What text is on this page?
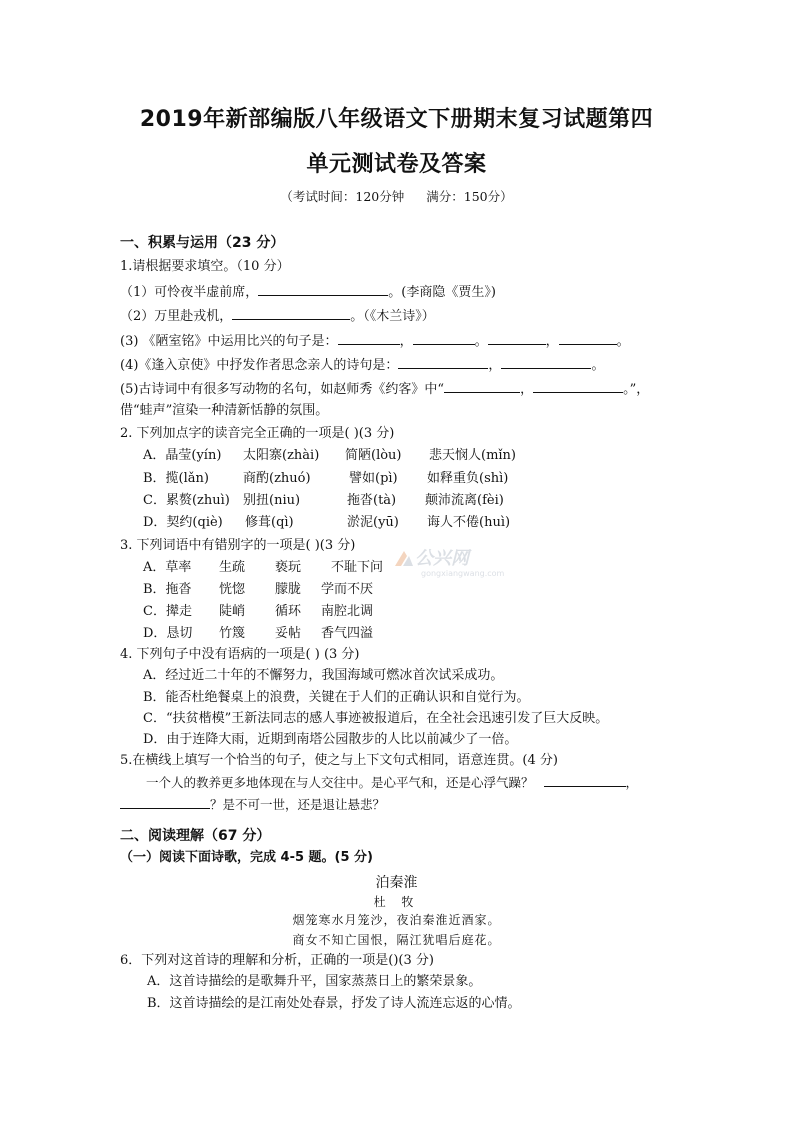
2019年新部编版八年级语文下册期末复习试题第四
单元测试卷及答案
（考试时间：120分钟 满分：150分）
一、积累与运用（23 分）
1.请根据要求填空。（10 分）
（1）可怜夜半虚前席，	。(李商隐《贾生》)
（2）万里赴戎机，	。（《木兰诗》）
(3) 《陋室铭》中运用比兴的句子是：	，	。	，	。
(4)《逢入京使》中抒发作者思念亲人的诗句是：	，	。
(5)古诗词中有很多写动物的名句，如赵师秀《约客》中“	，	。”，
借“蛙声”渲染一种清新恬静的氛围。
2. 下列加点字的读音完全正确的一项是( )(3 分)
A．晶莹(yín) 太阳寨(zhài) 简陋(lòu) 悲天悯人(mǐn)
B．揽(lǎn)	商酌(zhuó)	譬如(pì) 如释重负(shì)
C．累赘(zhuì) 别扭(niu)	拖沓(tà) 颠沛流离(fèi)
D．契约(qiè) 修葺(qì)	淤泥(yū) 诲人不倦(huì)
3. 下列词语中有错别字的一项是( )(3 分)
A．草率 生疏 亵玩 不耻下问
B．拖沓 恍惚 朦胧 学而不厌
C．撵走 陡峭 循环 南腔北调
D．恳切 竹篾 妥帖 香气四溢
4. 下列句子中没有语病的一项是( ) (3 分)
A．经过近二十年的不懈努力，我国海域可燃冰首次试采成功。
B．能否杜绝餐桌上的浪费，关键在于人们的正确认识和自觉行为。
C．“扶贫楷模”王新法同志的感人事迹被报道后，在全社会迅速引发了巨大反映。
D．由于连降大雨，近期到南塔公园散步的人比以前减少了一倍。
5.在横线上填写一个恰当的句子，使之与上下文句式相同，语意连贯。(4 分)
一个人的教养更多地体现在与人交往中。是心平气和，还是心浮气躁？	，
？是不可一世，还是退让悬悲？
二、阅读理解（67 分）
（一）阅读下面诗歌，完成 4-5 题。(5 分)
泊秦淮
杜 牧
烟笼寒水月笼沙，夜泊秦淮近酒家。
商女不知亡国恨，隔江犹唱后庭花。
6．下列对这首诗的理解和分析，正确的一项是()(3 分)
A．这首诗描绘的是歌舞升平，国家蒸蒸日上的繁荣景象。
B．这首诗描绘的是江南处处春景，抒发了诗人流连忘返的心情。
公兴网
gongxiangwang.com
